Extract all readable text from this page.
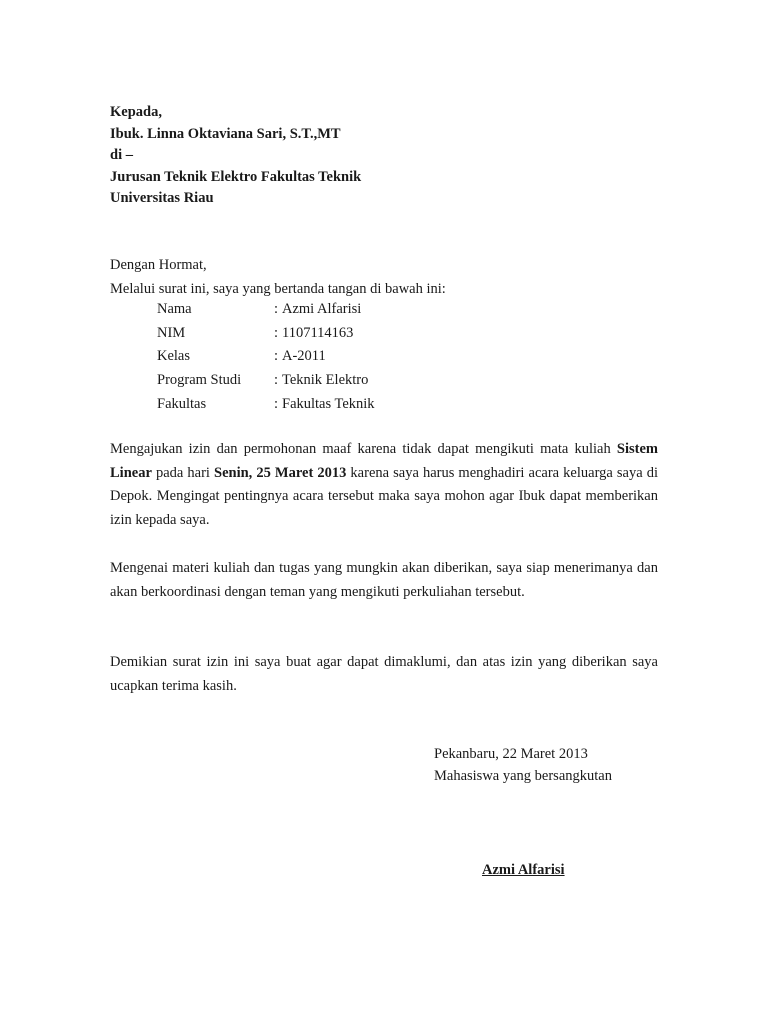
Kepada,
Ibuk. Linna Oktaviana Sari, S.T.,MT
di –
Jurusan Teknik Elektro Fakultas Teknik
Universitas Riau
Dengan Hormat,
Melalui surat ini, saya yang bertanda tangan di bawah ini:
Nama	: Azmi Alfarisi
NIM	: 1107114163
Kelas	: A-2011
Program Studi	: Teknik Elektro
Fakultas	: Fakultas Teknik
Mengajukan izin dan permohonan maaf karena tidak dapat mengikuti mata kuliah Sistem Linear pada hari Senin, 25 Maret 2013 karena saya harus menghadiri acara keluarga saya di Depok. Mengingat pentingnya acara tersebut maka saya mohon agar Ibuk dapat memberikan izin kepada saya.
Mengenai materi kuliah dan tugas yang mungkin akan diberikan, saya siap menerimanya dan akan berkoordinasi dengan teman yang mengikuti perkuliahan tersebut.
Demikian surat izin ini saya buat agar dapat dimaklumi, dan atas izin yang diberikan saya ucapkan terima kasih.
Pekanbaru, 22 Maret 2013
Mahasiswa yang bersangkutan
Azmi Alfarisi
